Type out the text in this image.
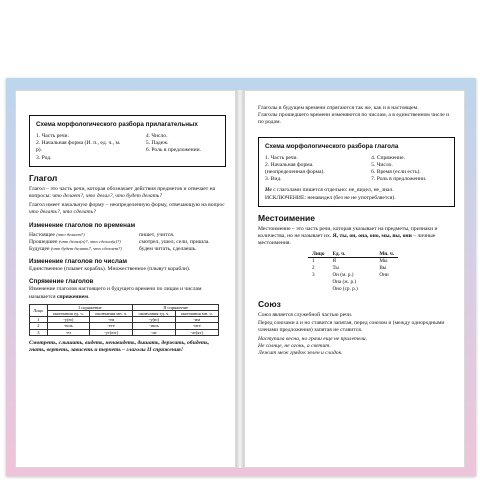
Схема морфологического разбора прилагательных
1. Часть речи.
2. Начальная форма (И. п., ед. ч., м. р).
3. Род.
4. Число.
5. Падеж.
6. Роль в предложении.
Глагол
Глагол – это часть речи, которая обозначает действия предметов и отвечает на вопросы: что делает?, что делал?, что будет делать?
Глагол имеет начальную форму – неопределенную форму, отвечающую на вопрос что делать?, что сделать?
Изменение глаголов по временам
Настоящее (что делает?)	пишет, учится.
Прошедшее (что делал(а)?, что сделал(а)?)	смотрел, ушел, сели, пришла.
Будущее (что будет делать?, что сделает?)	будем читать, сделаешь.
Изменение глаголов по числам
Единственное (плывет корабль). Множественное (плывут корабли).
Спряжение глаголов
Изменение глаголов настоящего и будущего времени по лицам и числам называется спряжением.
Лицо	I спряжение		II спряжение	
	окончания ед. ч.	окончания мн. ч.	окончания ед. ч.	окончания мн. ч.
1	-у(ю)	-ем	-у(ю)	-им
2	-ешь	-ете	-ишь	-ите
3	-ет	-ут(ют)	-ит	-ат(ят)
Смотреть, слышать, видеть, ненавидеть, дышать, держать, обидеть, гнать, вертеть, зависеть и терпеть – глаголы II спряжения!
Глаголы в будущем времени спрягаются так же, как и в настоящем.
Глаголы прошедшего времени изменяются по числам, а в единственном числе и по родам.
Схема морфологического разбора глагола
1. Часть речи.
2. Начальная форма. (неопределенная форма).
3. Вид.
4. Спряжение.
5. Число.
6. Время (если есть).
7. Роль в предложении.
Не с глаголами пишется отдельно: не_видел, не_знал.
ИСКЛЮЧЕНИЕ: ненавидел (без не не употребляется).
Местоимение
Местоимение – это часть речи, которая указывает на предметы, признаки и количества, но не называет их. Я, ты, он, она, оно, мы, вы, они – личные местоимения.
Лицо	Ед. ч.	Мн. ч.
1	Я	Мы
2	Ты	Вы
3	Он (м. р.)	Они
	Она (ж. р.)	
	Оно (ср. р.)	
Союз
Союз является служебной частью речи.
Перед союзами а и но ставится запятая, перед союзом и (между однородными членами предложения) запятая не ставится.
Наступила весна, но грачи еще не прилетели.
Не солнце, не огонь, а светит.
Лежит меж грядок зелен и сладок.
